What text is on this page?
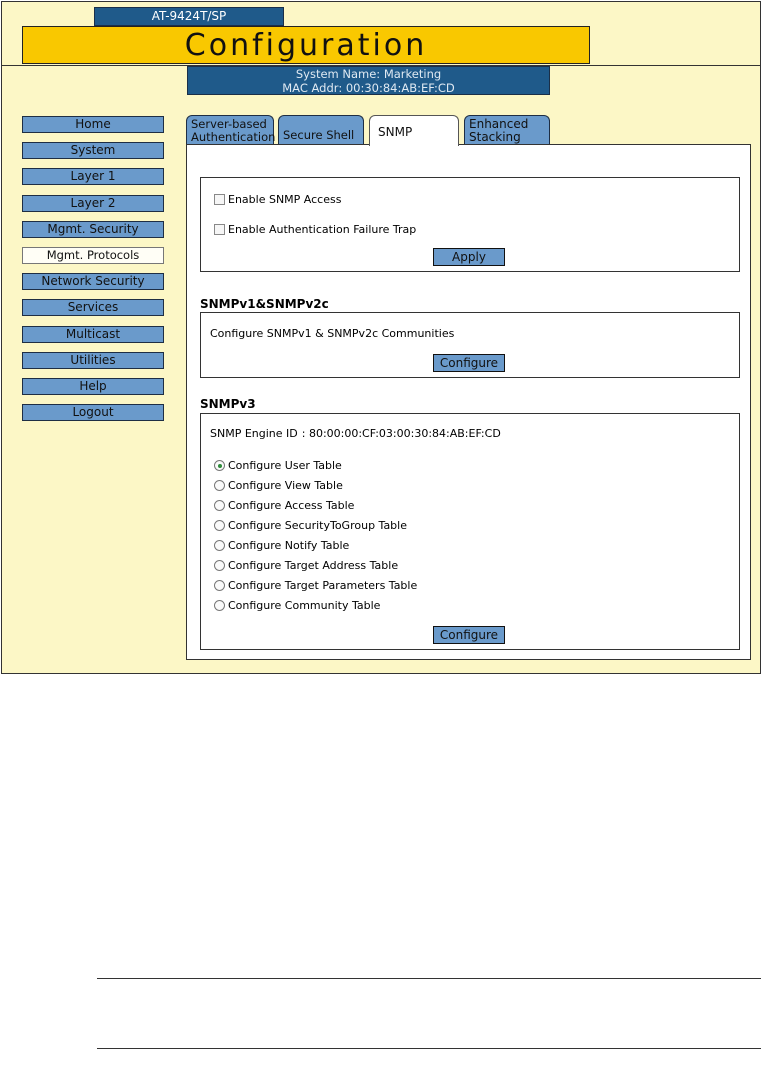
AT-9424T/SP
Configuration
System Name: Marketing
MAC Addr: 00:30:84:AB:EF:CD
Home
System
Layer 1
Layer 2
Mgmt. Security
Mgmt. Protocols
Network Security
Services
Multicast
Utilities
Help
Logout
Server-based
Authentication Secure Shell	SNMP
Enhanced
Stacking
Enable SNMP Access
Enable Authentication Failure Trap
Apply
SNMPv1&SNMPv2c
Configure SNMPv1 & SNMPv2c Communities
Configure
SNMPv3
SNMP Engine ID : 80:00:00:CF:03:00:30:84:AB:EF:CD
Configure User Table
Configure View Table
Configure Access Table
Configure SecurityToGroup Table
Configure Notify Table
Configure Target Address Table
Configure Target Parameters Table
Configure Community Table
Configure
